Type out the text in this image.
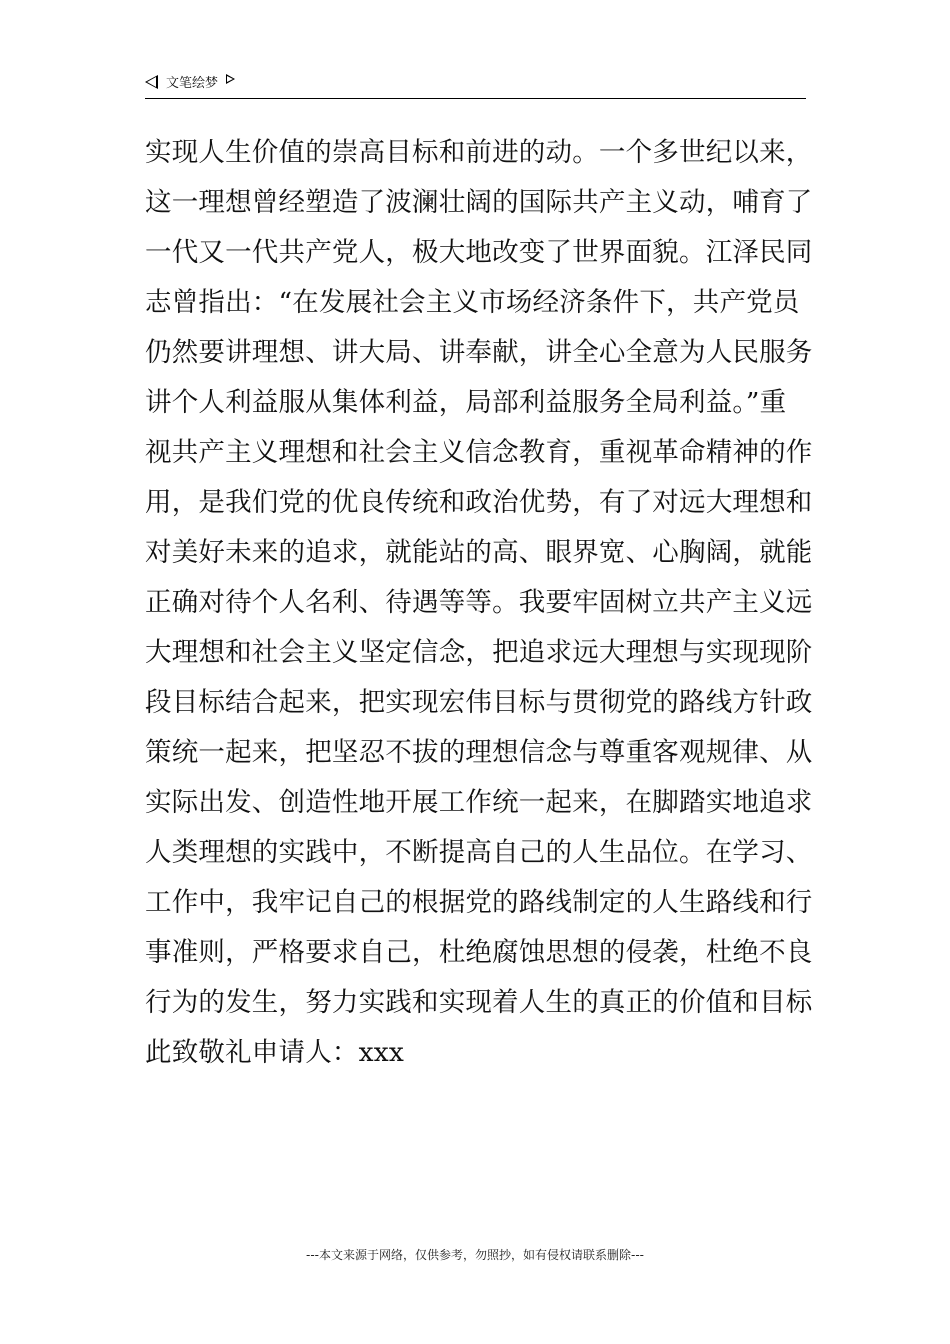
文笔绘梦
实现人生价值的崇高目标和前进的动。一个多世纪以来，
这一理想曾经塑造了波澜壮阔的国际共产主义动，哺育了
一代又一代共产党人，极大地改变了世界面貌。江泽民同
志曾指出：“在发展社会主义市场经济条件下，共产党员
仍然要讲理想、讲大局、讲奉献，讲全心全意为人民服务
讲个人利益服从集体利益，局部利益服务全局利益。”重
视共产主义理想和社会主义信念教育，重视革命精神的作
用，是我们党的优良传统和政治优势，有了对远大理想和
对美好未来的追求，就能站的高、眼界宽、心胸阔，就能
正确对待个人名利、待遇等等。我要牢固树立共产主义远
大理想和社会主义坚定信念，把追求远大理想与实现现阶
段目标结合起来，把实现宏伟目标与贯彻党的路线方针政
策统一起来，把坚忍不拔的理想信念与尊重客观规律、从
实际出发、创造性地开展工作统一起来，在脚踏实地追求
人类理想的实践中，不断提高自己的人生品位。在学习、
工作中，我牢记自己的根据党的路线制定的人生路线和行
事准则，严格要求自己，杜绝腐蚀思想的侵袭，杜绝不良
行为的发生，努力实践和实现着人生的真正的价值和目标
此致敬礼申请人：xxx
---本文来源于网络，仅供参考，勿照抄，如有侵权请联系删除---
